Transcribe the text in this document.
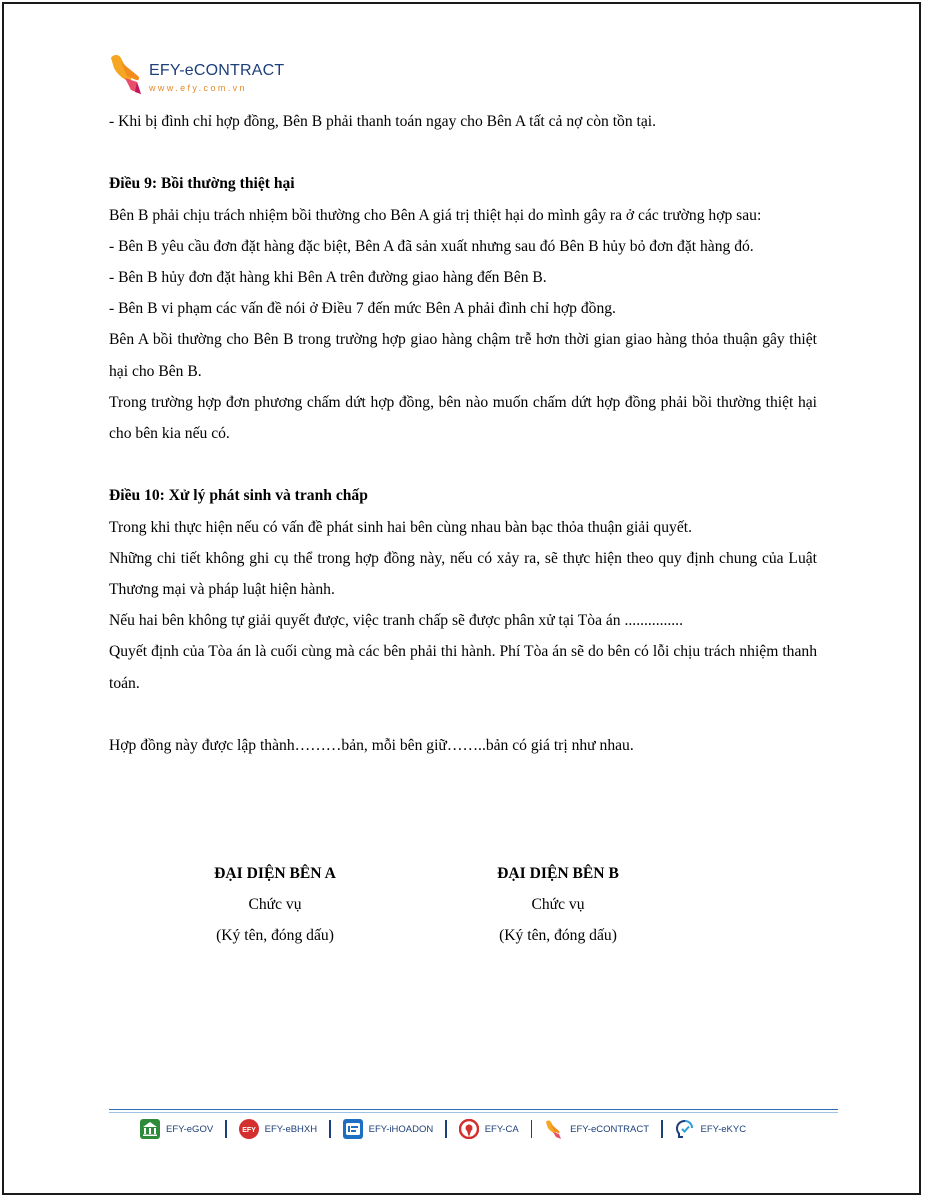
EFY-eCONTRACT
www.efy.com.vn

- Khi bị đình chỉ hợp đồng, Bên B phải thanh toán ngay cho Bên A tất cả nợ còn tồn tại.

Điều 9: Bồi thường thiệt hại

Bên B phải chịu trách nhiệm bồi thường cho Bên A giá trị thiệt hại do mình gây ra ở các trường hợp sau:

- Bên B yêu cầu đơn đặt hàng đặc biệt, Bên A đã sản xuất nhưng sau đó Bên B hủy bỏ đơn đặt hàng đó.

- Bên B hủy đơn đặt hàng khi Bên A trên đường giao hàng đến Bên B.

- Bên B vi phạm các vấn đề nói ở Điều 7 đến mức Bên A phải đình chỉ hợp đồng.

Bên A bồi thường cho Bên B trong trường hợp giao hàng chậm trễ hơn thời gian giao hàng thỏa thuận gây thiệt hại cho Bên B.

Trong trường hợp đơn phương chấm dứt hợp đồng, bên nào muốn chấm dứt hợp đồng phải bồi thường thiệt hại cho bên kia nếu có.

Điều 10: Xử lý phát sinh và tranh chấp

Trong khi thực hiện nếu có vấn đề phát sinh hai bên cùng nhau bàn bạc thỏa thuận giải quyết.

Những chi tiết không ghi cụ thể trong hợp đồng này, nếu có xảy ra, sẽ thực hiện theo quy định chung của Luật Thương mại và pháp luật hiện hành.

Nếu hai bên không tự giải quyết được, việc tranh chấp sẽ được phân xử tại Tòa án ...............

Quyết định của Tòa án là cuối cùng mà các bên phải thi hành. Phí Tòa án sẽ do bên có lỗi chịu trách nhiệm thanh toán.

Hợp đồng này được lập thành………bản, mỗi bên giữ……..bản có giá trị như nhau.

ĐẠI DIỆN BÊN A
Chức vụ
(Ký tên, đóng dấu)
ĐẠI DIỆN BÊN B
Chức vụ
(Ký tên, đóng dấu)
EFY-eGOV	EFY EFY-eBHXH	EFY-iHOADON	EFY-CA	EFY-eCONTRACT	EFY-eKYC
